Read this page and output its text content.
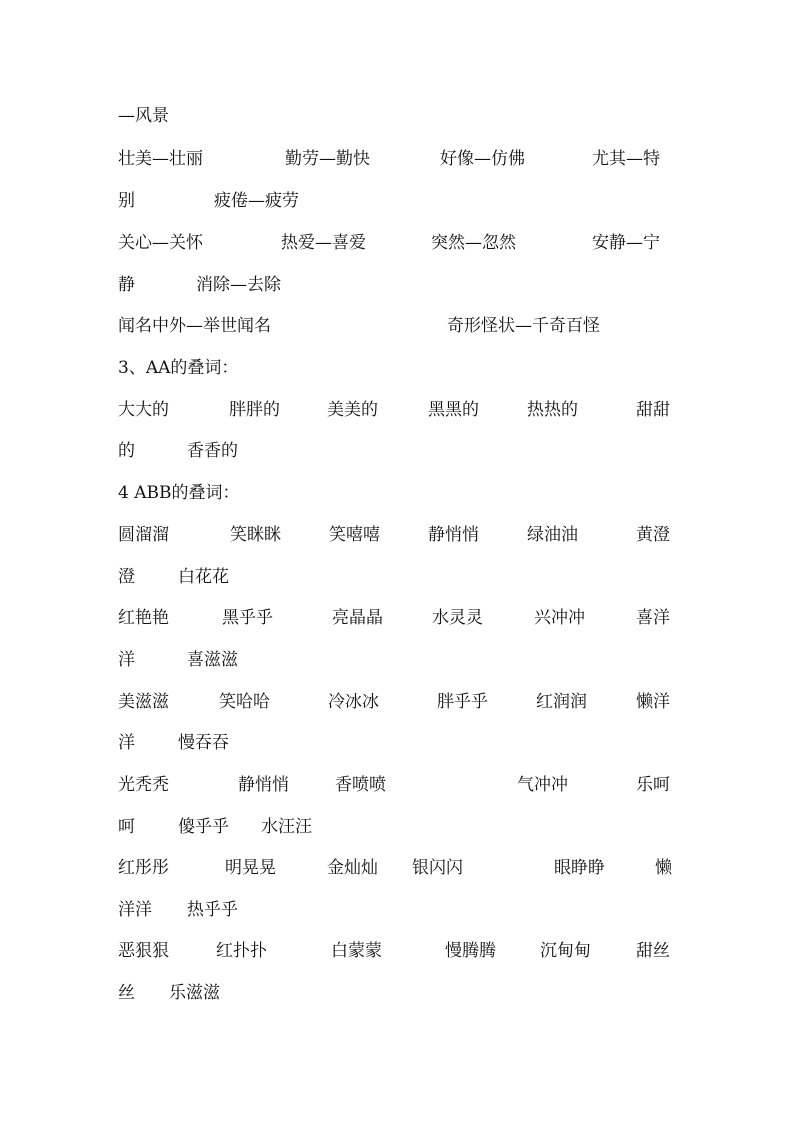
—风景
壮美—壮丽	勤劳—勤快	好像—仿佛	尤其—特
别	疲倦—疲劳
关心—关怀	热爱—喜爱	突然—忽然	安静—宁
静	消除—去除
闻名中外—举世闻名	奇形怪状—千奇百怪
3、AA的叠词：
大大的	胖胖的	美美的	黑黑的	热热的	甜甜
的	香香的
4 ABB的叠词：
圆溜溜	笑眯眯	笑嘻嘻	静悄悄	绿油油	黄澄
澄	白花花
红艳艳	黑乎乎	亮晶晶	水灵灵	兴冲冲	喜洋
洋	喜滋滋
美滋滋	笑哈哈	冷冰冰	胖乎乎	红润润	懒洋
洋	慢吞吞
光秃秃	静悄悄	香喷喷	气冲冲	乐呵
呵	傻乎乎 水汪汪
红彤彤	明晃晃	金灿灿 银闪闪	眼睁睁	懒
洋洋 热乎乎
恶狠狠	红扑扑	白蒙蒙	慢腾腾	沉甸甸	甜丝
丝 乐滋滋
